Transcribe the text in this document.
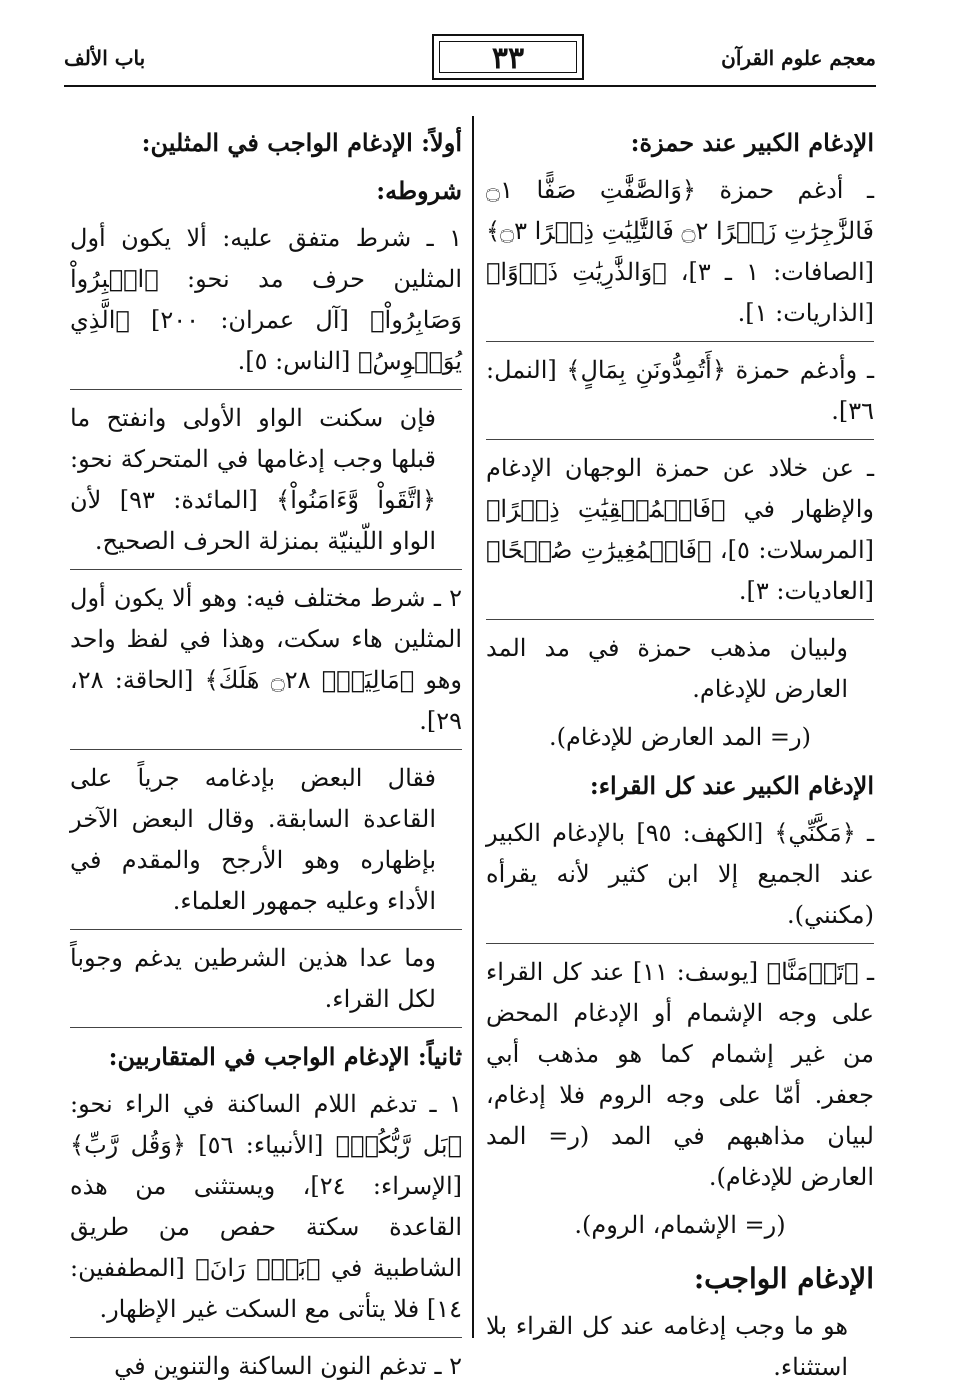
باب الألف	٣٣	معجم علوم القرآن

الإدغام الكبير عند حمزة:

ـ أدغم حمزة ﴿وَالصَّٰفَّٰتِ صَفًّا ۝١ فَالزَّٰجِرَٰتِ زَجۡرًا ۝٢ فَالتَّٰلِيَٰتِ ذِكۡرًا ۝٣﴾ [الصافات: ١ ـ ٣]، ﴿وَالذَّٰرِيَٰتِ ذَرۡوًا﴾ [الذاريات: ١].

ـ وأدغم حمزة ﴿أَتُمِدُّونَنِ بِمَالٍ﴾ [النمل: ٣٦].

ـ عن خلاد عن حمزة الوجهان الإدغام والإظهار في ﴿فَالۡمُلۡقِيَٰتِ ذِكۡرًا﴾ [المرسلات: ٥]، ﴿فَالۡمُغِيرَٰتِ صُبۡحًا﴾ [العاديات: ٣].

ولبيان مذهب حمزة في مد المد العارض للإدغام.

(ر= المد العارض للإدغام).

الإدغام الكبير عند كل القراء:

ـ ﴿مَكَّنِّي﴾ [الكهف: ٩٥] بالإدغام الكبير عند الجميع إلا ابن كثير لأنه يقرأه (مكنني).

ـ ﴿تَأۡمَنَّا﴾ [يوسف: ١١] عند كل القراء على وجه الإشمام أو الإدغام المحض من غير إشمام كما هو مذهب أبي جعفر. أمّا على وجه الروم فلا إدغام، لبيان مذاهبهم في المد (ر= المد العارض للإدغام).

(ر= الإشمام، الروم).

الإدغام الواجب:

هو ما وجب إدغامه عند كل القراء بلا استثناء.

أولاً: الإدغام الواجب في المثلين:

شروطه:

١ ـ شرط متفق عليه: ألا يكون أول المثلين حرف مد نحو: ﴿اصۡبِرُواْ وَصَابِرُواْ﴾ [آل عمران: ٢٠٠] ﴿الَّذِي يُوَسۡوِسُ﴾ [الناس: ٥].

فإن سكنت الواو الأولى وانفتح ما قبلها وجب إدغامها في المتحركة نحو: ﴿اتَّقَواْ وَّءَامَنُواْ﴾ [المائدة: ٩٣] لأن الواو اللّينيّة بمنزلة الحرف الصحيح.

٢ ـ شرط مختلف فيه: وهو ألا يكون أول المثلين هاء سكت، وهذا في لفظ واحد وهو ﴿مَالِيَهۡۜ ۝٢٨ هَلَكَ﴾ [الحاقة: ٢٨، ٢٩].

فقال البعض بإدغامه جرياً على القاعدة السابقة. وقال البعض الآخر بإظهاره وهو الأرجح والمقدم في الأداء وعليه جمهور العلماء.

وما عدا هذين الشرطين يدغم وجوباً لكل القراء.

ثانياً: الإدغام الواجب في المتقاربين:

١ ـ تدغم اللام الساكنة في الراء نحو: ﴿بَل رَّبُّكُمۡ﴾ [الأنبياء: ٥٦] ﴿وَقُل رَّبِّ﴾ [الإسراء: ٢٤]، ويستثنى من هذه القاعدة سكتة حفص من طريق الشاطبية في ﴿بَلۡۜ رَانَ﴾ [المطففين: ١٤] فلا يتأتى مع السكت غير الإظهار.

٢ ـ تدغم النون الساكنة والتنوين في
